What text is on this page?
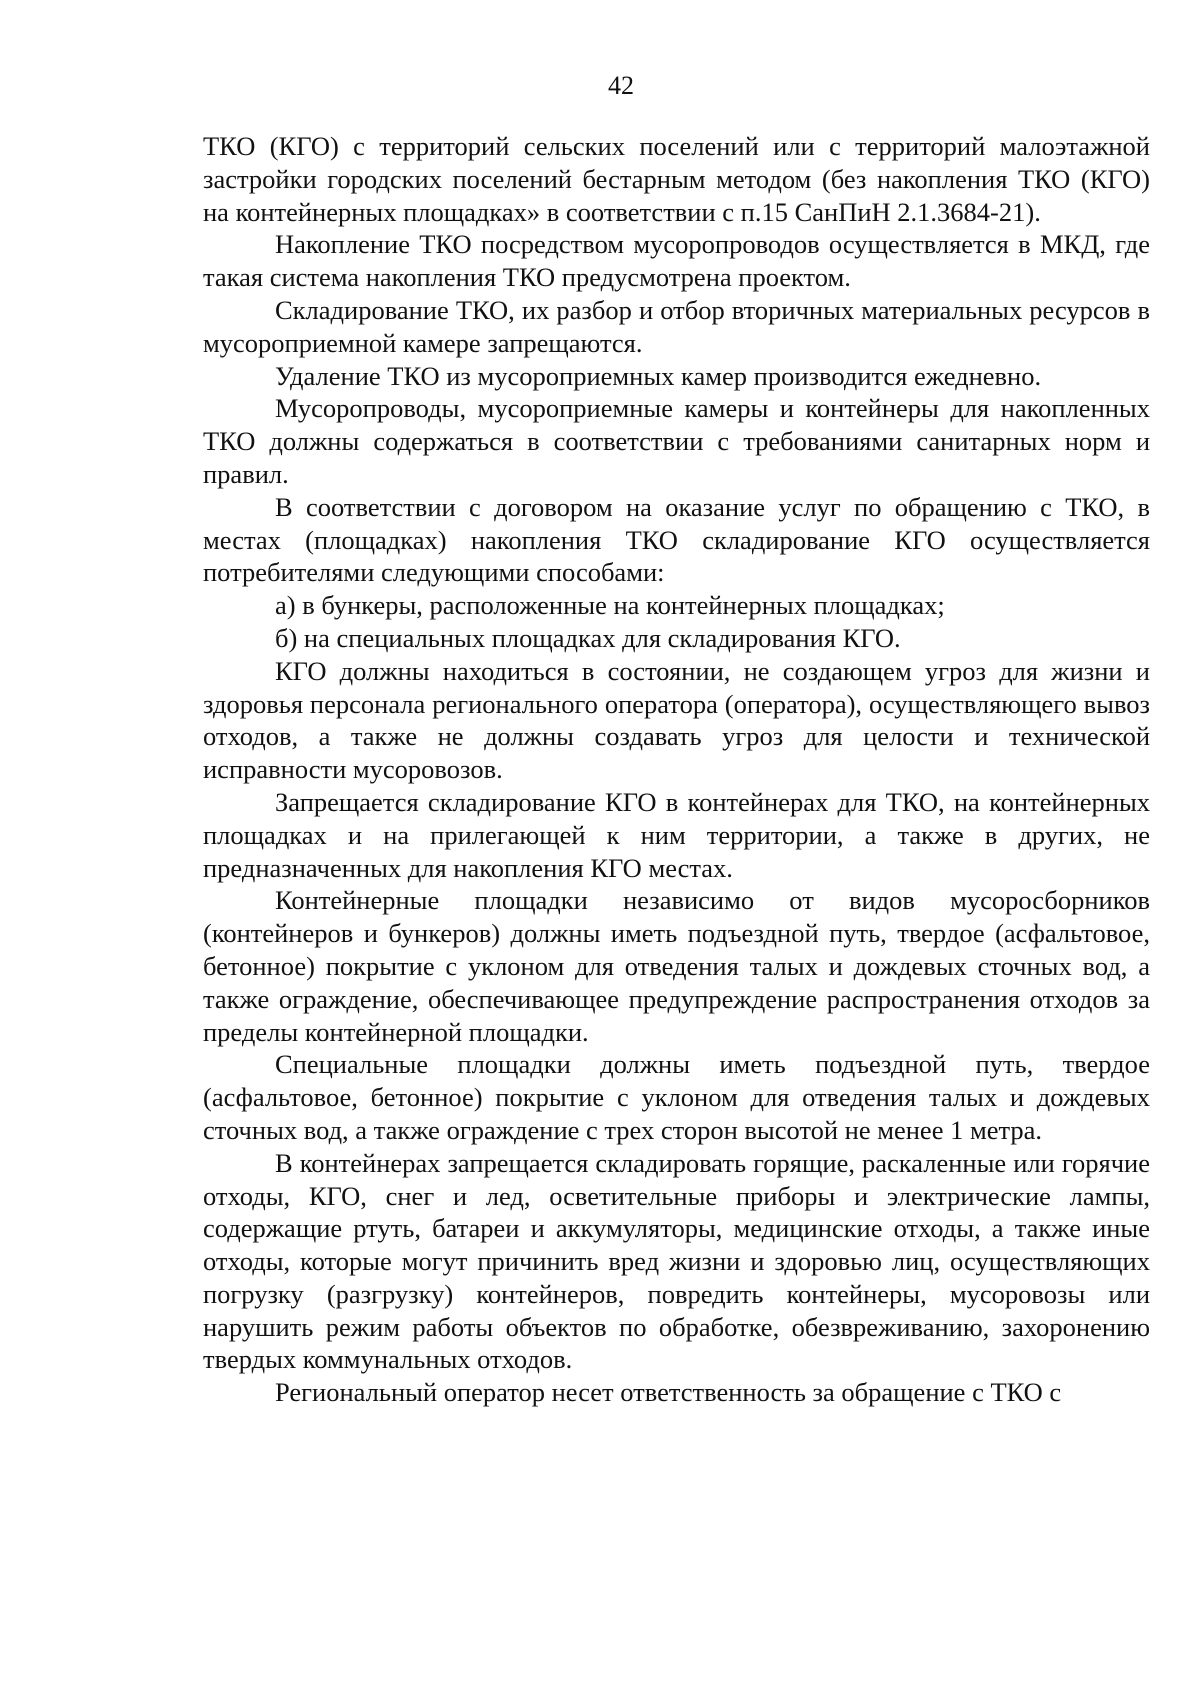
42

ТКО (КГО) с территорий сельских поселений или с территорий малоэтажной застройки городских поселений бестарным методом (без накопления ТКО (КГО) на контейнерных площадках» в соответствии с п.15 СанПиН 2.1.3684-21).

Накопление ТКО посредством мусоропроводов осуществляется в МКД, где такая система накопления ТКО предусмотрена проектом.

Складирование ТКО, их разбор и отбор вторичных материальных ресурсов в мусороприемной камере запрещаются.

Удаление ТКО из мусороприемных камер производится ежедневно.

Мусоропроводы, мусороприемные камеры и контейнеры для накопленных ТКО должны содержаться в соответствии с требованиями санитарных норм и правил.

В соответствии с договором на оказание услуг по обращению с ТКО, в местах (площадках) накопления ТКО складирование КГО осуществляется потребителями следующими способами:

а) в бункеры, расположенные на контейнерных площадках;

б) на специальных площадках для складирования КГО.

КГО должны находиться в состоянии, не создающем угроз для жизни и здоровья персонала регионального оператора (оператора), осуществляющего вывоз отходов, а также не должны создавать угроз для целости и технической исправности мусоровозов.

Запрещается складирование КГО в контейнерах для ТКО, на контейнерных площадках и на прилегающей к ним территории, а также в других, не предназначенных для накопления КГО местах.

Контейнерные площадки независимо от видов мусоросборников (контейнеров и бункеров) должны иметь подъездной путь, твердое (асфальтовое, бетонное) покрытие с уклоном для отведения талых и дождевых сточных вод, а также ограждение, обеспечивающее предупреждение распространения отходов за пределы контейнерной площадки.

Специальные площадки должны иметь подъездной путь, твердое (асфальтовое, бетонное) покрытие с уклоном для отведения талых и дождевых сточных вод, а также ограждение с трех сторон высотой не менее 1 метра.

В контейнерах запрещается складировать горящие, раскаленные или горячие отходы, КГО, снег и лед, осветительные приборы и электрические лампы, содержащие ртуть, батареи и аккумуляторы, медицинские отходы, а также иные отходы, которые могут причинить вред жизни и здоровью лиц, осуществляющих погрузку (разгрузку) контейнеров, повредить контейнеры, мусоровозы или нарушить режим работы объектов по обработке, обезвреживанию, захоронению твердых коммунальных отходов.

Региональный оператор несет ответственность за обращение с ТКО с
